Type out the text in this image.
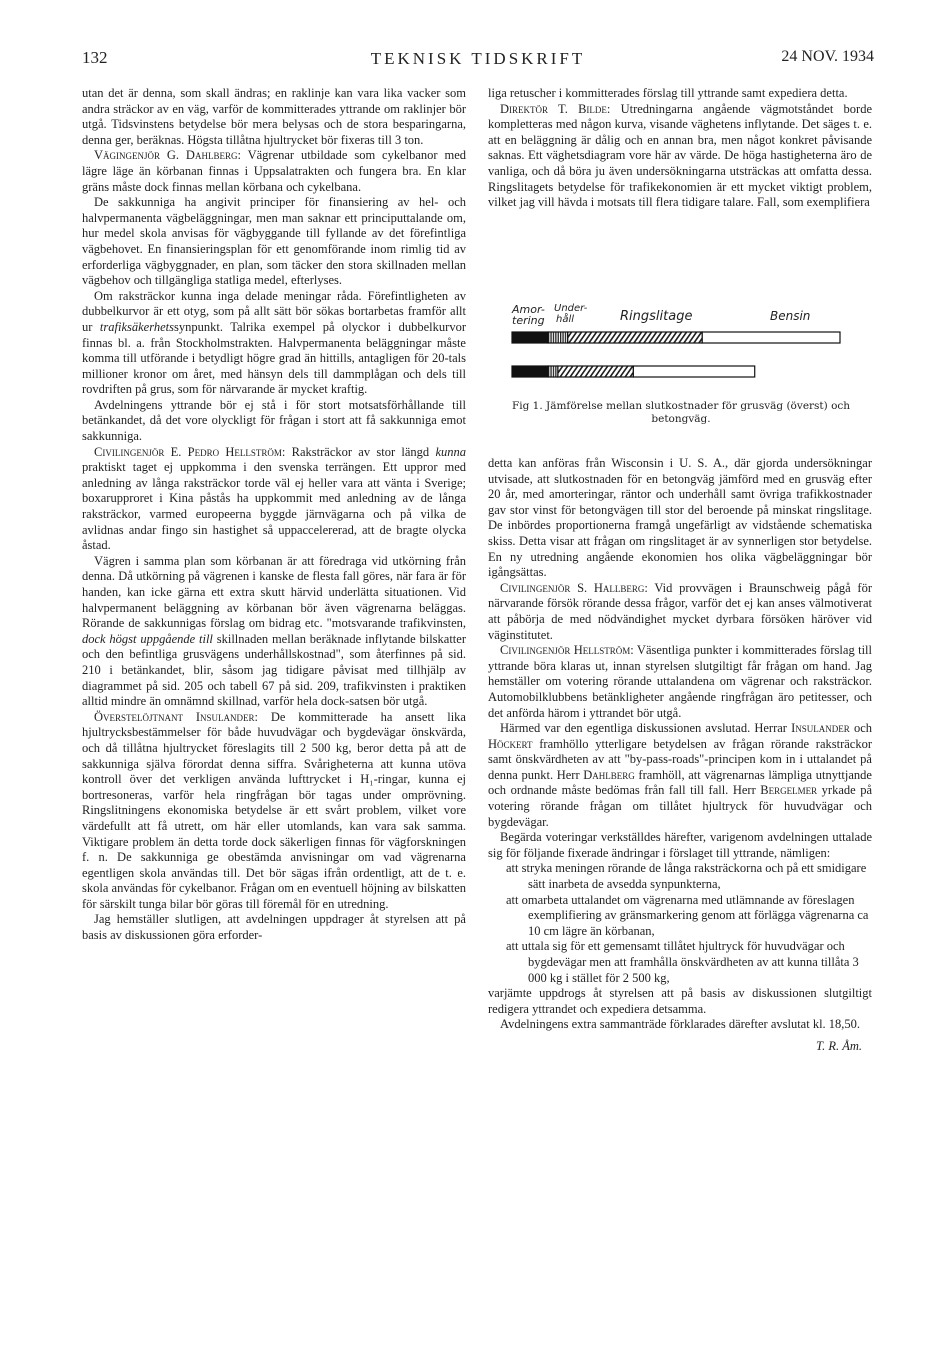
132	TEKNISK TIDSKRIFT	24 NOV. 1934

utan det är denna, som skall ändras; en raklinje kan vara lika vacker som andra sträckor av en väg, varför de kommitterades yttrande om raklinjer bör utgå. Tidsvinstens betydelse bör mera belysas och de stora besparingarna, denna ger, beräknas. Högsta tillåtna hjultrycket bör fixeras till 3 ton.

Vägingenjör G. Dahlberg: Vägrenar utbildade som cykelbanor med lägre läge än körbanan finnas i Uppsalatrakten och fungera bra. En klar gräns måste dock finnas mellan körbana och cykelbana.

De sakkunniga ha angivit principer för finansiering av hel- och halvpermanenta vägbeläggningar, men man saknar ett principuttalande om, hur medel skola anvisas för vägbyggande till fyllande av det förefintliga vägbehovet. En finansieringsplan för ett genomförande inom rimlig tid av erforderliga vägbyggnader, en plan, som täcker den stora skillnaden mellan vägbehov och tillgängliga statliga medel, efterlyses.

Om raksträckor kunna inga delade meningar råda. Förefintligheten av dubbelkurvor är ett otyg, som på allt sätt bör sökas bortarbetas framför allt ur trafiksäkerhetssynpunkt. Talrika exempel på olyckor i dubbelkurvor finnas bl. a. från Stockholmstrakten. Halvpermanenta beläggningar måste komma till utförande i betydligt högre grad än hittills, antagligen för 20-tals millioner kronor om året, med hänsyn dels till dammplågan och dels till rovdriften på grus, som för närvarande är mycket kraftig.

Avdelningens yttrande bör ej stå i för stort motsatsförhållande till betänkandet, då det vore olyckligt för frågan i stort att få sakkunniga emot sakkunniga.

Civilingenjör E. Pedro Hellström: Raksträckor av stor längd kunna praktiskt taget ej uppkomma i den svenska terrängen. Ett uppror med anledning av långa raksträckor torde väl ej heller vara att vänta i Sverige; boxarupproret i Kina påstås ha uppkommit med anledning av de långa raksträckor, varmed europeerna byggde järnvägarna och på vilka de avlidnas andar fingo sin hastighet så uppaccelererad, att de bragte olycka åstad.

Vägren i samma plan som körbanan är att föredraga vid utkörning från denna. Då utkörning på vägrenen i kanske de flesta fall göres, när fara är för handen, kan icke gärna ett extra skutt härvid underlätta situationen. Vid halvpermanent beläggning av körbanan bör även vägrenarna beläggas. Rörande de sakkunnigas förslag om bidrag etc. "motsvarande trafikvinsten, dock högst uppgående till skillnaden mellan beräknade inflytande bilskatter och den befintliga grusvägens underhållskostnad", som återfinnes på sid. 210 i betänkandet, blir, såsom jag tidigare påvisat med tillhjälp av diagrammet på sid. 205 och tabell 67 på sid. 209, trafikvinsten i praktiken alltid mindre än omnämnd skillnad, varför hela dock-satsen bör utgå.

Överstelöjtnant Insulander: De kommitterade ha ansett lika hjultrycksbestämmelser för både huvudvägar och bygdevägar önskvärda, och då tillåtna hjultrycket föreslagits till 2 500 kg, beror detta på att de sakkunniga själva förordat denna siffra. Svårigheterna att kunna utöva kontroll över det verkligen använda lufttrycket i H₁-ringar, kunna ej bortresoneras, varför hela ringfrågan bör tagas under omprövning. Ringslitningens ekonomiska betydelse är ett svårt problem, vilket vore värdefullt att få utrett, om här eller utomlands, kan vara sak samma. Viktigare problem än detta torde dock säkerligen finnas för vägforskningen f. n. De sakkunniga ge obestämda anvisningar om vad vägrenarna egentligen skola användas till. Det bör sägas ifrån ordentligt, att de t. e. skola användas för cykelbanor. Frågan om en eventuell höjning av bilskatten för särskilt tunga bilar bör göras till föremål för en utredning.

Jag hemställer slutligen, att avdelningen uppdrager åt styrelsen att på basis av diskussionen göra erforder-

liga retuscher i kommitterades förslag till yttrande samt expediera detta.

Direktör T. Bilde: Utredningarna angående vägmotståndet borde kompletteras med någon kurva, visande väghetens inflytande. Det säges t. e. att en beläggning är dålig och en annan bra, men något konkret påvisande saknas. Ett väghetsdiagram vore här av värde. De höga hastigheterna äro de vanliga, och då böra ju även undersökningarna utsträckas att omfatta dessa. Ringslitagets betydelse för trafikekonomien är ett mycket viktigt problem, vilket jag vill hävda i motsats till flera tidigare talare. Fall, som exemplifiera

Amor-
tering
Under-
håll	Ringslitage	Bensin
Fig 1. Jämförelse mellan slutkostnader för grusväg (överst) och betongväg.

detta kan anföras från Wisconsin i U. S. A., där gjorda undersökningar utvisade, att slutkostnaden för en betongväg jämförd med en grusväg efter 20 år, med amorteringar, räntor och underhåll samt övriga trafikkostnader gav stor vinst för betongvägen till stor del beroende på minskat ringslitage. De inbördes proportionerna framgå ungefärligt av vidstående schematiska skiss. Detta visar att frågan om ringslitaget är av synnerligen stor betydelse. En ny utredning angående ekonomien hos olika vägbeläggningar bör igångsättas.

Civilingenjör S. Hallberg: Vid provvägen i Braunschweig pågå för närvarande försök rörande dessa frågor, varför det ej kan anses välmotiverat att påbörja de med nödvändighet mycket dyrbara försöken häröver vid väginstitutet.

Civilingenjör Hellström: Väsentliga punkter i kommitterades förslag till yttrande böra klaras ut, innan styrelsen slutgiltigt får frågan om hand. Jag hemställer om votering rörande uttalandena om vägrenar och raksträckor. Automobilklubbens betänkligheter angående ringfrågan äro petitesser, och det anförda härom i yttrandet bör utgå.

Härmed var den egentliga diskussionen avslutad. Herrar Insulander och Höckert framhöllo ytterligare betydelsen av frågan rörande raksträckor samt önskvärdheten av att "by-pass-roads"-principen kom in i uttalandet på denna punkt. Herr Dahlberg framhöll, att vägrenarnas lämpliga utnyttjande och ordnande måste bedömas från fall till fall. Herr Bergelmer yrkade på votering rörande frågan om tillåtet hjultryck för huvudvägar och bygdevägar.

Begärda voteringar verkställdes härefter, varigenom avdelningen uttalade sig för följande fixerade ändringar i förslaget till yttrande, nämligen:

att stryka meningen rörande de långa raksträckorna och på ett smidigare sätt inarbeta de avsedda synpunkterna,
att omarbeta uttalandet om vägrenarna med utlämnande av föreslagen exemplifiering av gränsmarkering genom att förlägga vägrenarna ca 10 cm lägre än körbanan,
att uttala sig för ett gemensamt tillåtet hjultryck för huvudvägar och bygdevägar men att framhålla önskvärdheten av att kunna tillåta 3 000 kg i stället för 2 500 kg,

varjämte uppdrogs åt styrelsen att på basis av diskussionen slutgiltigt redigera yttrandet och expediera detsamma.

Avdelningens extra sammanträde förklarades därefter avslutat kl. 18,50.

T. R. Åm.
